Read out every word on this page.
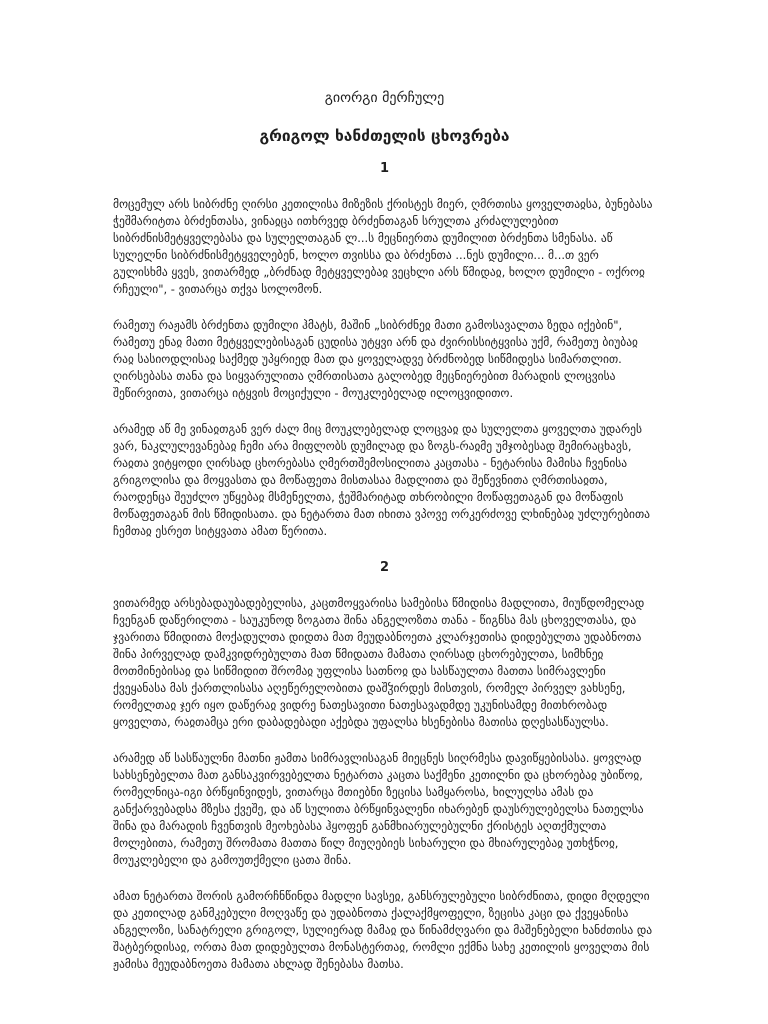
გიორგი მერჩულე
გრიგოლ ხანძთელის ცხოვრება
1

მოცემულ არს სიბრძნე ღირსი კეთილისა მიზეზის ქრისტეს მიერ, ღმრთისა ყოველთაჲსა, ბუნებასა ჭეშმარიტთა ბრძენთასა, ვინაჲცა ითხრვედ ბრძენთაგან სრულთა კრძალულებით სიბრძნისმეტყველებასა და სულელთაგან ლ...ს მეცნიერთა დუმილით ბრძენთა სმენასა. აწ სულელნი სიბრძნისმეტყველებენ, ხოლო თვისსა და ბრძენთა ...ნეს დუმილი... მ...თ ვერ გულისხმა ყვეს, ვითარმედ „ბრძნად მეტყველებაჲ ვეცხლი არს წმიდაჲ, ხოლო დუმილი - ოქროჲ რჩეული", - ვითარცა თქვა სოლომონ.

რამეთუ რაჟამს ბრძენთა დუმილი ჰმატს, მაშინ „სიბრძნეჲ მათი გამოსავალთა ზედა იქებინ", რამეთუ ენაჲ მათი მეტყველებისაგან ცუდისა უტყვი არნ და ძვირისსიტყვისა უქმ, რამეთუ ბიუბაჲ რაჲ სასიოდლისაჲ საქმედ უპყრიედ მათ და ყოველადვე ბრძნობედ სიწმიდესა სიმართლით. ღირსებასა თანა და სიყვარულითა ღმრთისათა გალობედ მეცნიერებით მარადის ლოცვისა შეწირვითა, ვითარცა იტყვის მოციქული - მოუკლებელად ილოცვიდითო.

არამედ აწ მე ვინაჲთგან ვერ ძალ მიც მოუკლებელად ლოცვაჲ და სულელთა ყოველთა უდარეს ვარ, ნაკლულევანებაჲ ჩემი არა მიფლობს დუმილად და ზოგს-რაჲმე უმჯობესად შემირაცხავს, რაჲთა ვიტყოდი ღირსად ცხორებასა ღმერთშემოსილითა კაცთასა - ნეტარისა მამისა ჩვენისა გრიგოლისა და მოყვასთა და მოწაფეთა მისთასაა მადლითა და შეწევნითა ღმრთისაჲთა, რაოდენცა შეუძლო უწყებაჲ მსმენელთა, ჭეშმარიტად თხრობილი მოწაფეთაგან და მოწაფის მოწაფეთაგან მის წმიდისათა. და ნეტართა მათ იხითა ვპოვე ორკერძოვე ლხინებაჲ უძლურებითა ჩემთაჲ ესრეთ სიტყვათა ამათ წერითა.

2

ვითარმედ არსებადაუბადებელისა, კაცთმოყვარისა სამებისა წმიდისა მადლითა, მიუწდომელად ჩვენგან დაწერილთა - საუკუნოდ ზოგათა შინა ანგელოზთა თანა - წიგნსა მას ცხოველთასა, და ჯვარითა წმიდითა მოქადულთა დიდთა მათ მეუდაბნოეთა კლარჯეთისა დიდებულთა უდაბნოთა შინა პირველად დამკვიდრებულთა მათ წმიდათა მამათა ღირსად ცხორებულთა, სიმხნეჲ მოთმინებისაჲ და სიწმიდით შრომაჲ უფლისა სათნოჲ და სასწაულთა მათთა სიმრავლენი ქვეყანასა მას ქართლისასა აღეწერელობითა დაშჴირდეს მისთვის, რომელ პირველ ვახსენე, რომელთაჲ ჯერ იყო დაწერაჲ ვიდრე ნათესავითი ნათესავადმდე უკუნისამდე მითხრობად ყოველთა, რაჲთამცა ერი დაბადებადი აქებდა უფალსა ხსენებისა მათისა დღესასწაულსა.

არამედ აწ სასწაულნი მათნი ჟამთა სიმრავლისაგან მიეცნეს სიღრმესა დავიწყებისასა. ყოვლად სახსენებელთა მათ განსაკვირვებელთა ნეტართა კაცთა საქმენი კეთილნი და ცხორებაჲ უბიწოჲ, რომელნიცა-იგი ბრწყინვიდეს, ვითარცა მთიებნი ზეცისა სამყაროსა, ხილულსა ამას და განქარვებადსა მზესა ქვეშე, და აწ სულითა ბრწყინვალენი იხარებენ დაუსრულებელსა ნათელსა შინა და მარადის ჩვენთვის მეოხებასა ჰყოფენ განმხიარულებულნი ქრისტეს აღთქმულთა მოლებითა, რამეთუ შრომათა მათთა წილ მიუღებიეს სიხარული და მხიარულებაჲ უთხჭნოჲ, მოუკლებელი და გამოუთქმელი ცათა შინა.

ამათ ნეტართა შორის გამორჩნწინდა მადლი სავსეჲ, განსრულებული სიბრძნითა, დიდი მღდელი და კეთილად განმკებული მოღვაწე და უდაბნოთა ქალაქმყოფელი, ზეცისა კაცი და ქვეყანისა ანგელოზი, სანატრელი გრიგოლ, სულიერად მამაჲ და წინამძღვარი და მაშენებელი ხანძთისა და შატბერდისაჲ, ორთა მათ დიდებულთა მონასტერთაჲ, რომლი ექმნა სახე კეთილის ყოველთა მის ჟამისა მეუდაბნოეთა მამათა ახლად შენებასა მათსა.
